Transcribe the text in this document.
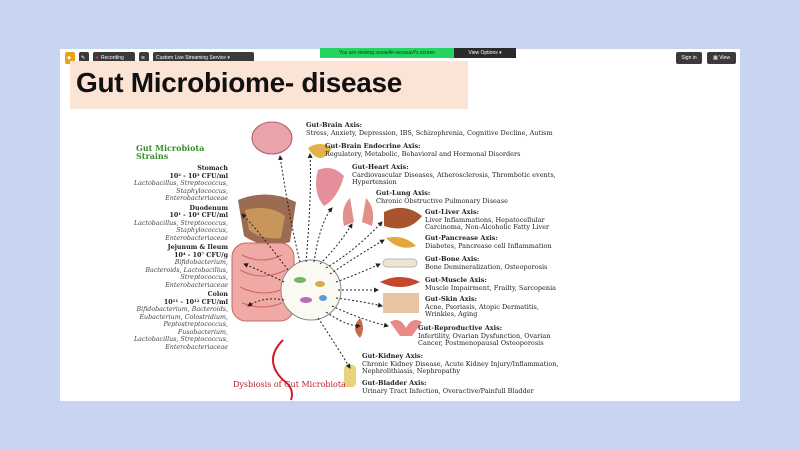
◆	✎	● Recording	≋	Custom Live Streaming Service ▾	Sign in	▦ View
You are viewing cesaelle-secasavf's screen	View Options ▾
Gut Microbiome- disease
Gut Microbiota Strains
Stomach
10² - 10³ CFU/ml
Lactobacillus, Streptococcus,
Staphylococcus,
Enterobacteriaceae
Duodenum
10¹ - 10³ CFU/ml
Lactobacillus, Streptococcus,
Staphylococcus,
Enterobacteriaceae
Jejunum & Ileum
10⁴ - 10⁷ CFU/g
Bifidobacterium,
Bacteroids, Lactobacillus,
Streptococcus,
Enterobacteriaceae
Colon
10¹¹ - 10¹² CFU/ml
Bifidobacterium, Bacteroids,
Eubacterium, Colostridium,
Peptostreptococcus,
Fusobacterium,
Lactobacillus, Streptococcus,
Enterobacteriaceae
Gut-Brain Axis:
Stress, Anxiety, Depression, IBS, Schizophrenia, Cognitive Decline, Autism
Gut-Brain Endocrine Axis:
Regulatory, Metabolic, Behavioral and Hormonal Disorders
Gut-Heart Axis:
Cardiovascular Diseases, Atherosclerosis, Thrombotic events,
Hypertension
Gut-Lung Axis:
Chronic Obstructive Pulmonary Disease
Gut-Liver Axis:
Liver Inflammations, Hepatocellular
Carcinoma, Non-Alcoholic Fatty Liver
Gut-Pancrease Axis:
Diabetes, Pancrease cell Inflammation
Gut-Bone Axis:
Bone Demineralization, Osteoporosis
Gut-Muscle Axis:
Muscle Impairment, Frailty, Sarcopenia
Gut-Skin Axis:
Acne, Psoriasis, Atopic Dermatitis,
Wrinkles, Aging
Gut-Reproductive Axis:
Infertility, Ovarian Dysfunction, Ovarian
Cancer, Postmenopausal Osteoporosis
Gut-Kidney Axis:
Chronic Kidney Disease, Acute Kidney Injury/Inflammation,
Nephrolithiasis, Nephropathy
Gut-Bladder Axis:
Urinary Tract Infection, Overactive/Painfull Bladder
Dysbiosis of Gut Microbiota
